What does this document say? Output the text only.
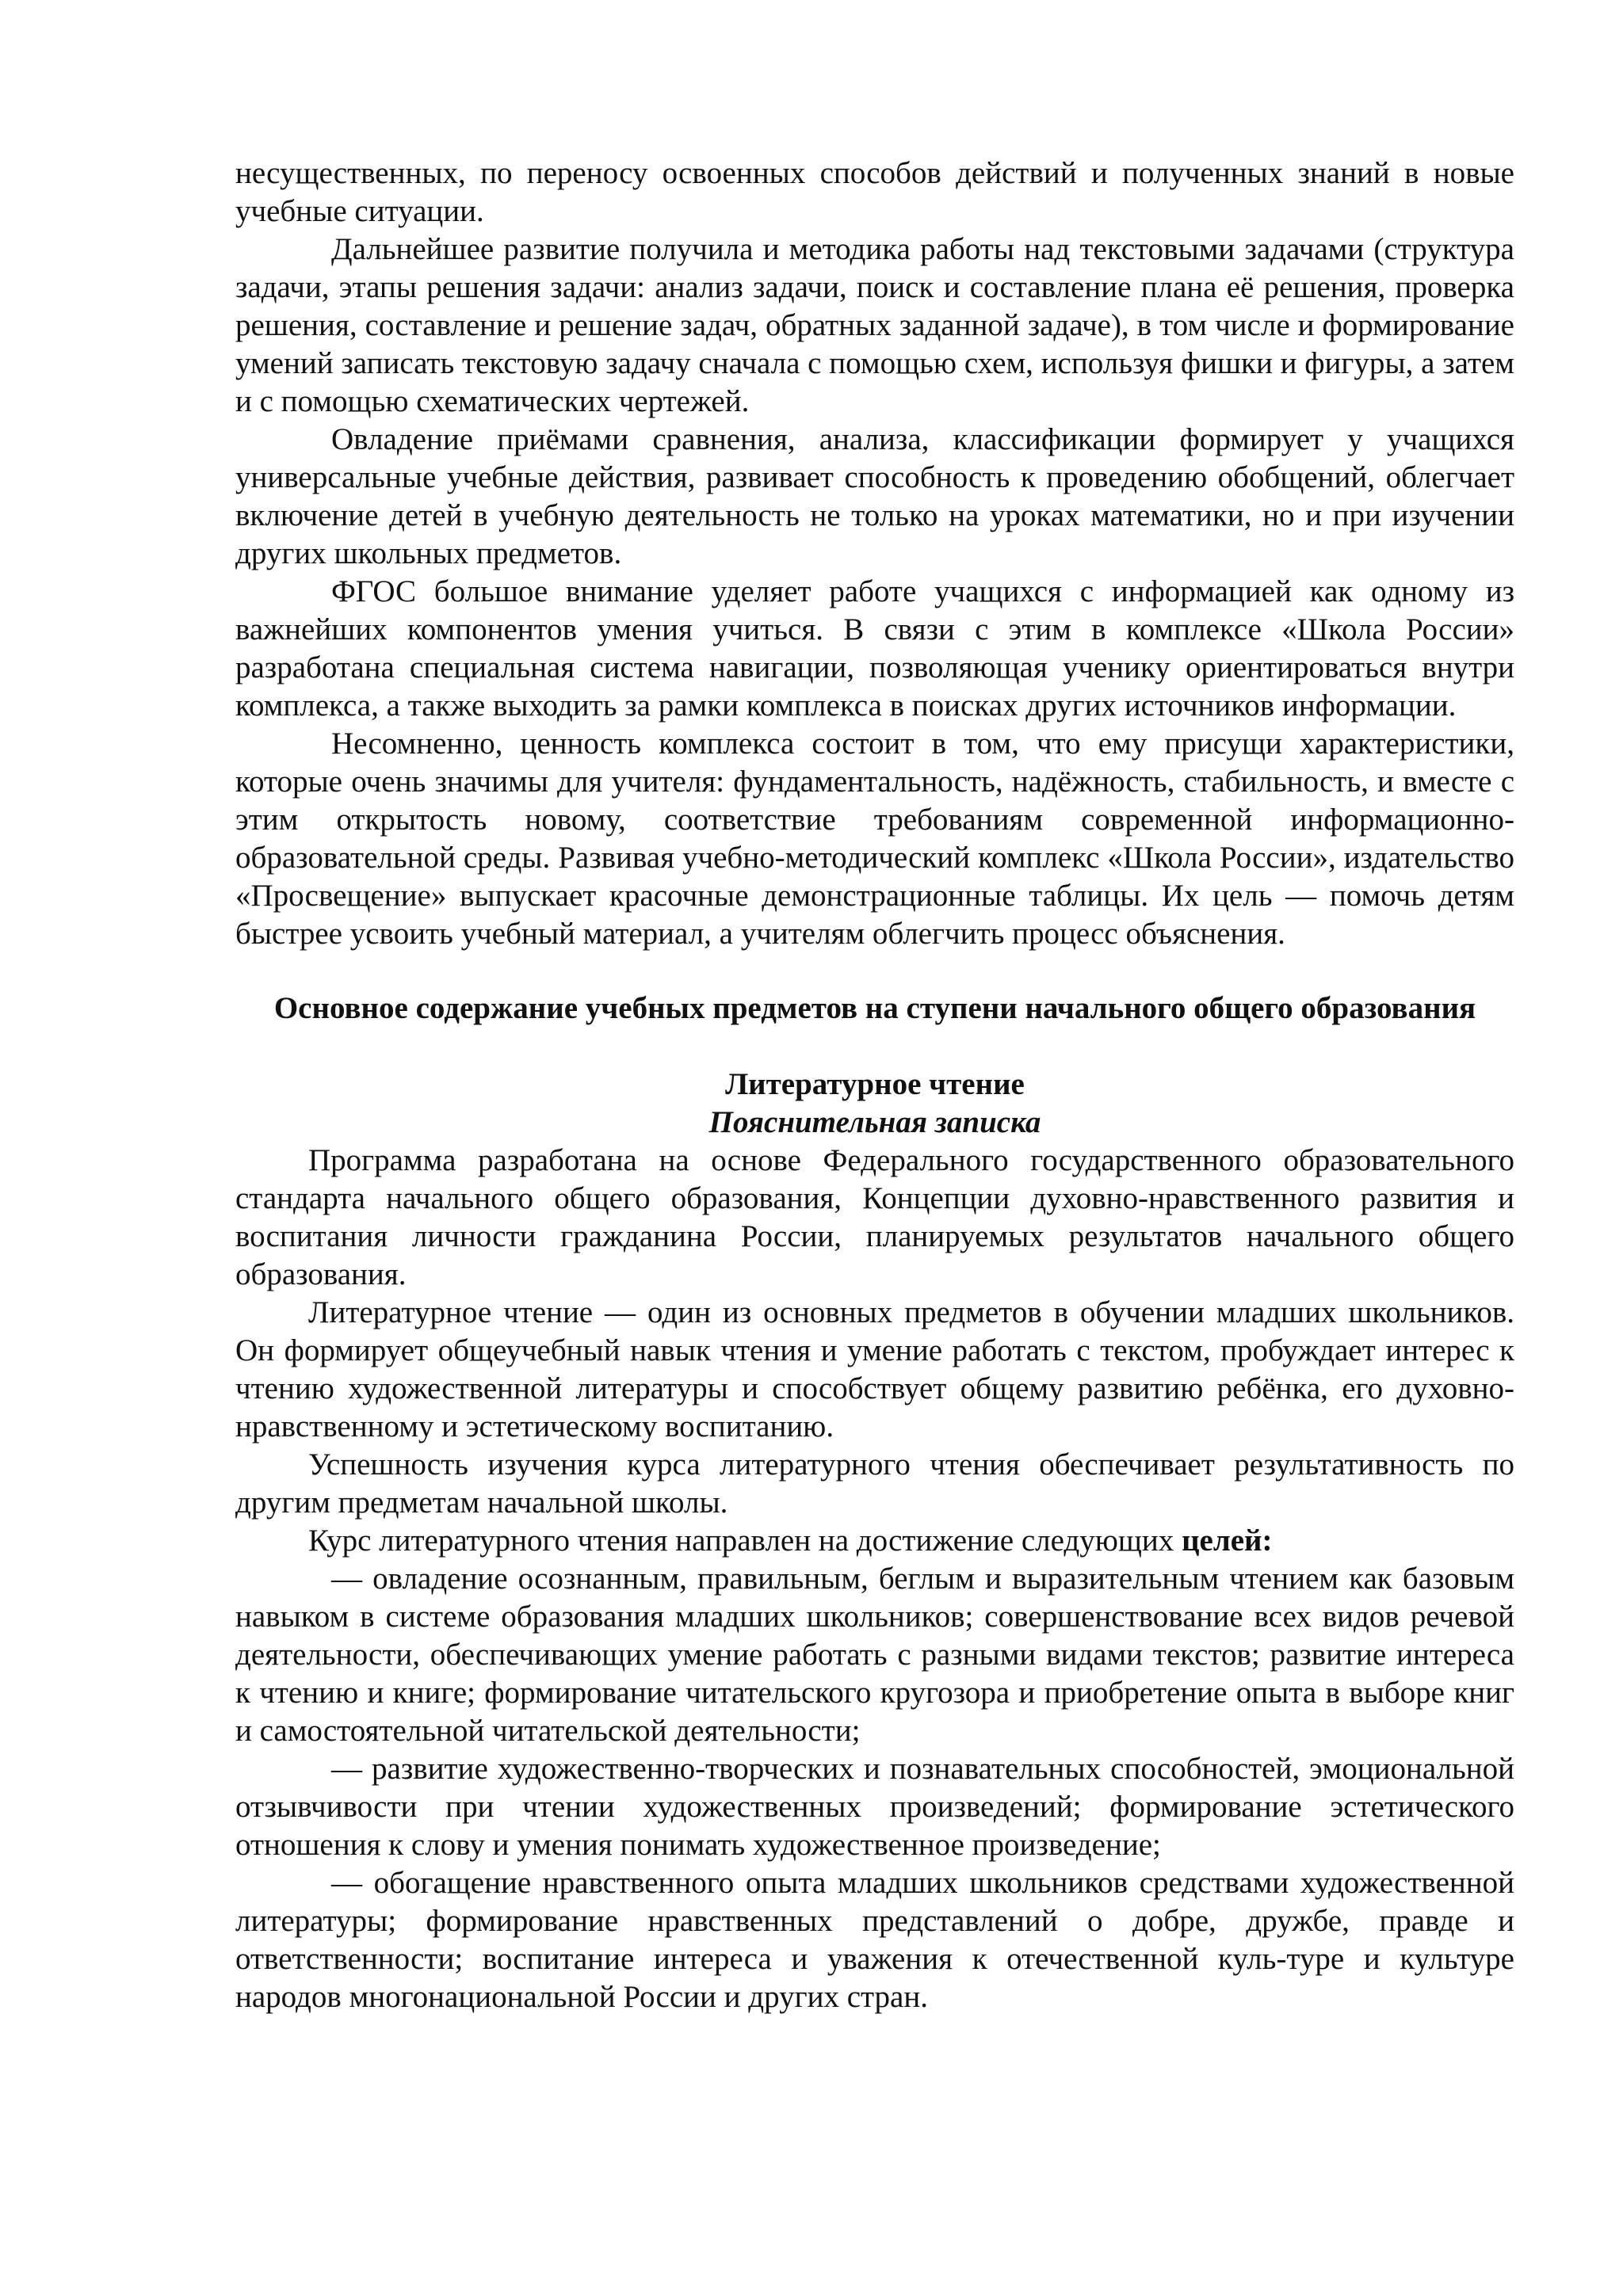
несущественных, по переносу освоенных способов действий и полученных знаний в новые учебные ситуации.

Дальнейшее развитие получила и методика работы над текстовыми задачами (структура задачи, этапы решения задачи: анализ задачи, поиск и составление плана её решения, проверка решения, составление и решение задач, обратных заданной задаче), в том числе и формирование умений записать текстовую задачу сначала с помощью схем, используя фишки и фигуры, а затем и с помощью схематических чертежей.

Овладение приёмами сравнения, анализа, классификации формирует у учащихся универсальные учебные действия, развивает способность к проведению обобщений, облегчает включение детей в учебную деятельность не только на уроках математики, но и при изучении других школьных предметов.

ФГОС большое внимание уделяет работе учащихся с информацией как одному из важнейших компонентов умения учиться. В связи с этим в комплексе «Школа России» разработана специальная система навигации, позволяющая ученику ориентироваться внутри комплекса, а также выходить за рамки комплекса в поисках других источников информации.

Несомненно, ценность комплекса состоит в том, что ему присущи характеристики, которые очень значимы для учителя: фундаментальность, надёжность, стабильность, и вместе с этим открытость новому, соответствие требованиям современной информационно-образовательной среды. Развивая учебно-методический комплекс «Школа России», издательство «Просвещение» выпускает красочные демонстрационные таблицы. Их цель — помочь детям быстрее усвоить учебный материал, а учителям облегчить процесс объяснения.

Основное содержание учебных предметов на ступени начального общего образования
Литературное чтение
Пояснительная записка

Программа разработана на основе Федерального государственного образовательного стандарта начального общего образования, Концепции духовно-нравственного развития и воспитания личности гражданина России, планируемых результатов начального общего образования.

Литературное чтение — один из основных предметов в обучении младших школьников. Он формирует общеучебный навык чтения и умение работать с текстом, пробуждает интерес к чтению художественной литературы и способствует общему развитию ребёнка, его духовно-нравственному и эстетическому воспитанию.

Успешность изучения курса литературного чтения обеспечивает результативность по другим предметам начальной школы.

Курс литературного чтения направлен на достижение следующих целей:

— овладение осознанным, правильным, беглым и выразительным чтением как базовым навыком в системе образования младших школьников; совершенствование всех видов речевой деятельности, обеспечивающих умение работать с разными видами текстов; развитие интереса к чтению и книге; формирование читательского кругозора и приобретение опыта в выборе книг и самостоятельной читательской деятельности;

— развитие художественно-творческих и познавательных способностей, эмоциональной отзывчивости при чтении художественных произведений; формирование эстетического отношения к слову и умения понимать художественное произведение;

— обогащение нравственного опыта младших школьников средствами художественной литературы; формирование нравственных представлений о добре, дружбе, правде и ответственности; воспитание интереса и уважения к отечественной куль-туре и культуре народов многонациональной России и других стран.
